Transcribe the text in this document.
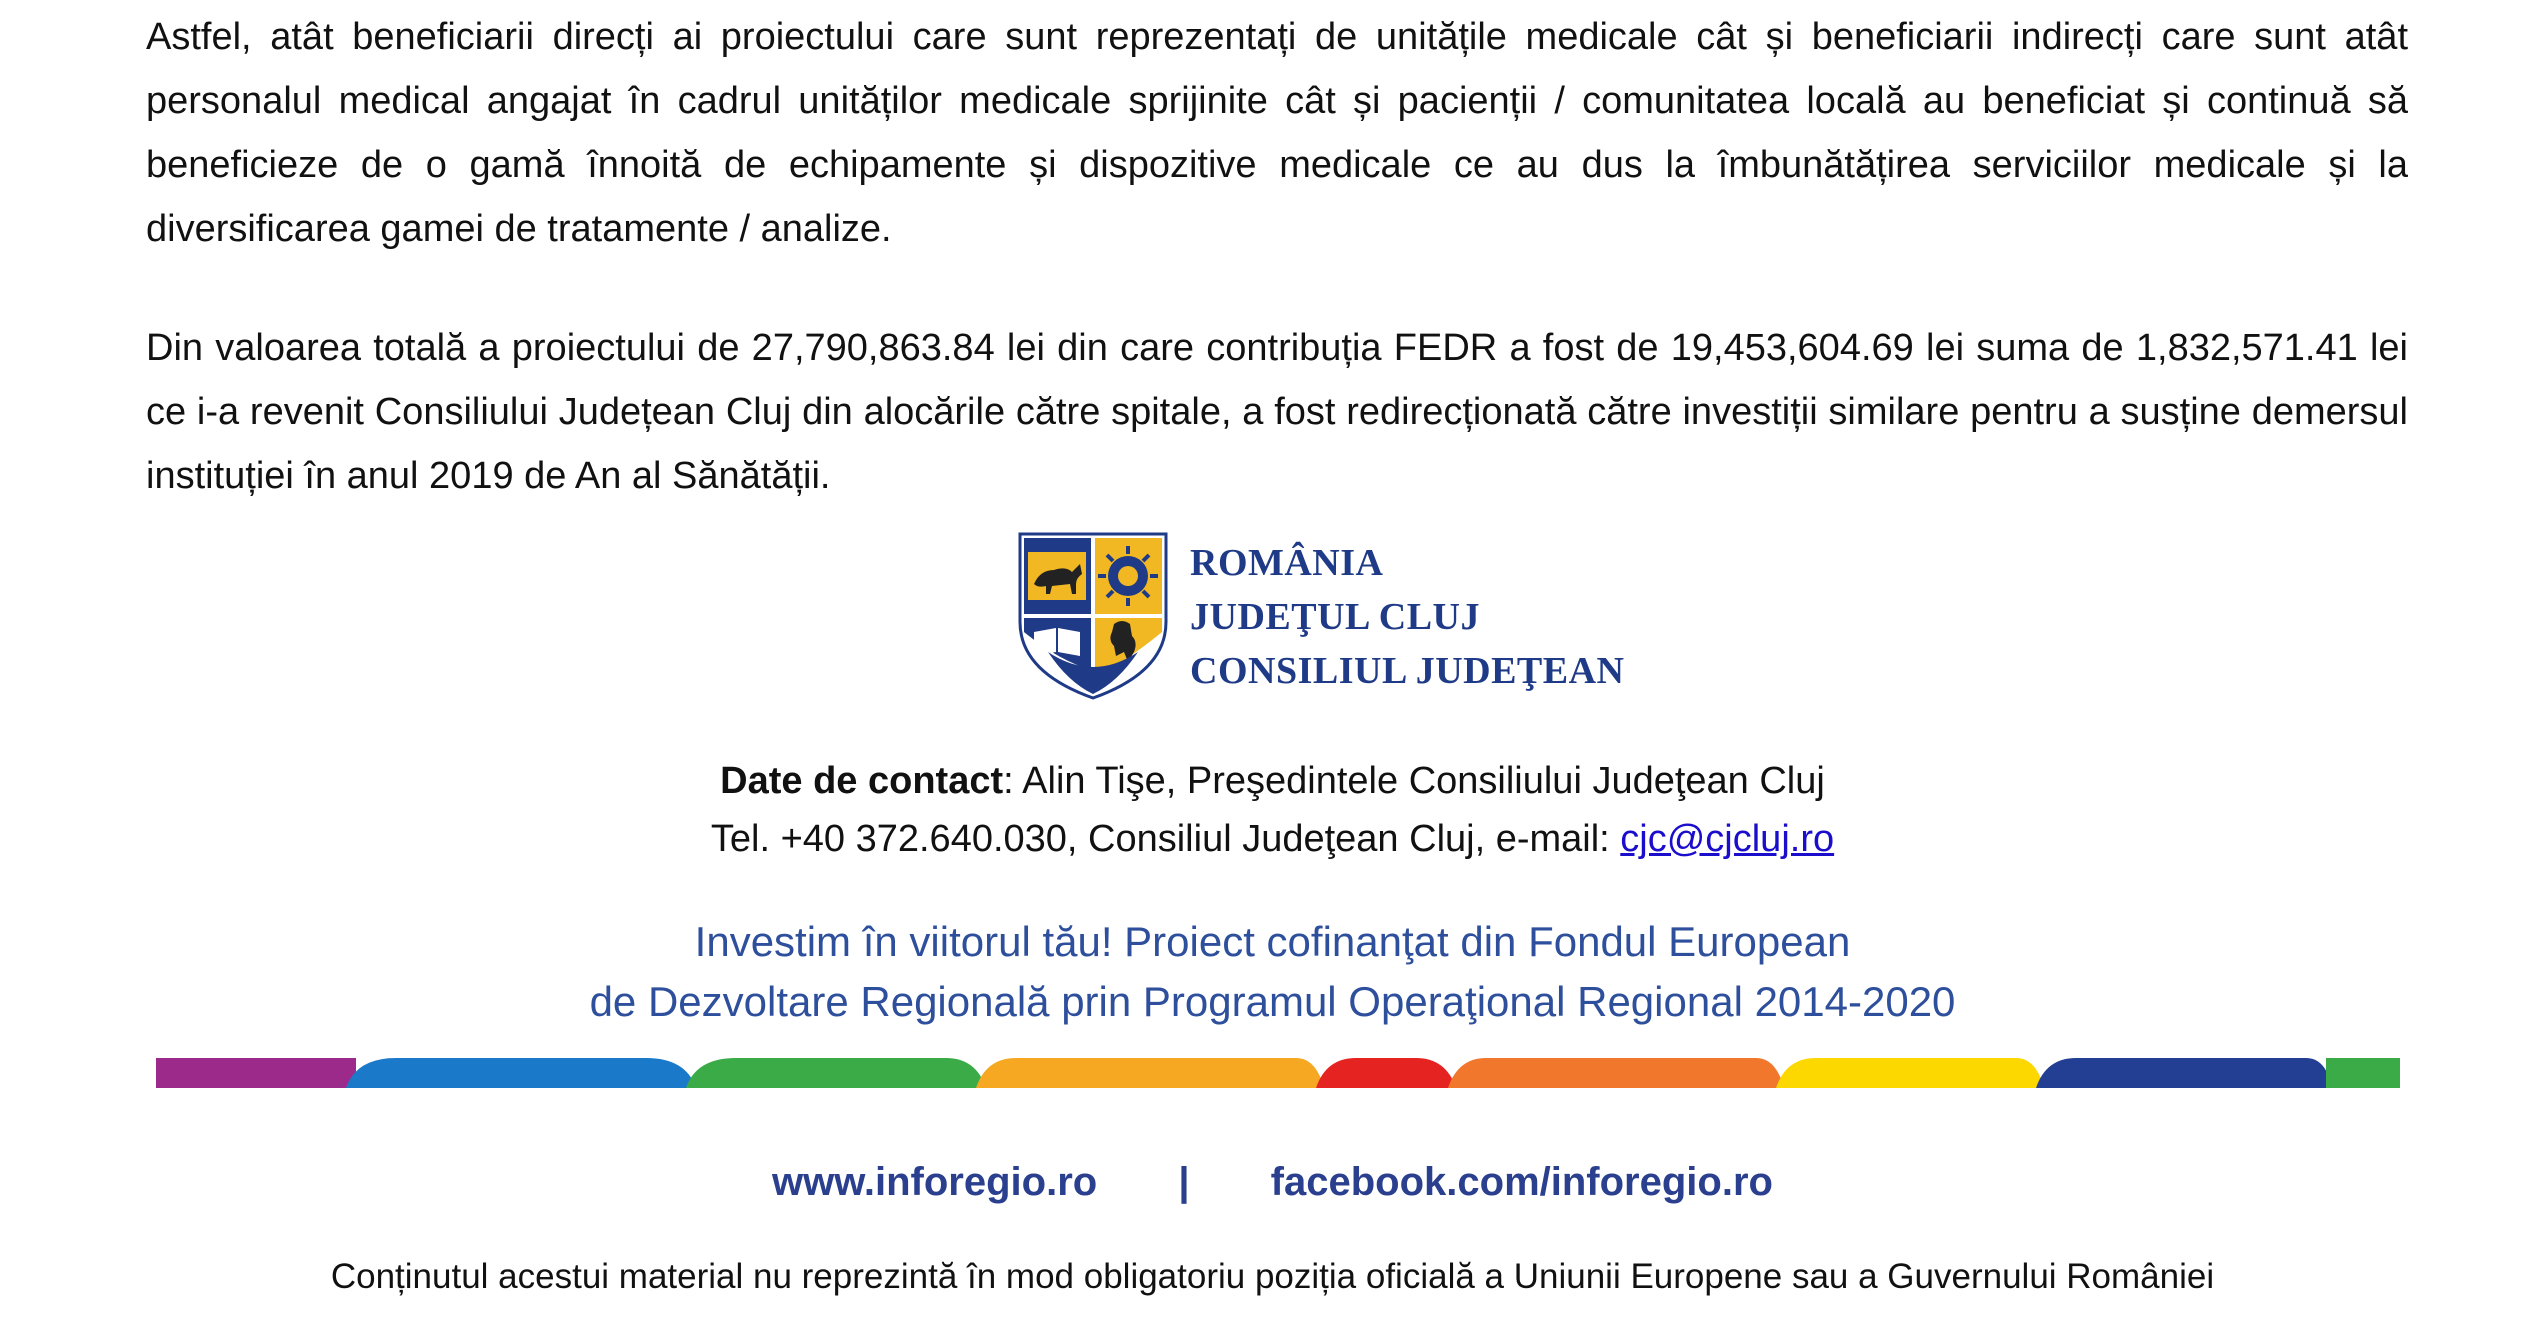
Astfel, atât beneficiarii direcți ai proiectului care sunt reprezentați de unitățile medicale cât și beneficiarii indirecți care sunt atât personalul medical angajat în cadrul unităților medicale sprijinite cât și pacienții / comunitatea locală au beneficiat și continuă să beneficieze de o gamă înnoită de echipamente și dispozitive medicale ce au dus la îmbunătățirea serviciilor medicale și la diversificarea gamei de tratamente / analize.

Din valoarea totală a proiectului de 27,790,863.84 lei din care contribuția FEDR a fost de 19,453,604.69 lei suma de 1,832,571.41 lei ce i-a revenit Consiliului Județean Cluj din alocările către spitale, a fost redirecționată către investiții similare pentru a susține demersul instituției în anul 2019 de An al Sănătății.

ROMÂNIA
JUDEŢUL CLUJ
CONSILIUL JUDEŢEAN
Date de contact: Alin Tişe, Preşedintele Consiliului Judeţean Cluj
Tel. +40 372.640.030, Consiliul Judeţean Cluj, e-mail: cjc@cjcluj.ro
Investim în viitorul tău! Proiect cofinanţat din Fondul European
de Dezvoltare Regională prin Programul Operaţional Regional 2014-2020
www.inforegio.ro | facebook.com/inforegio.ro
Conținutul acestui material nu reprezintă în mod obligatoriu poziția oficială a Uniunii Europene sau a Guvernului României
